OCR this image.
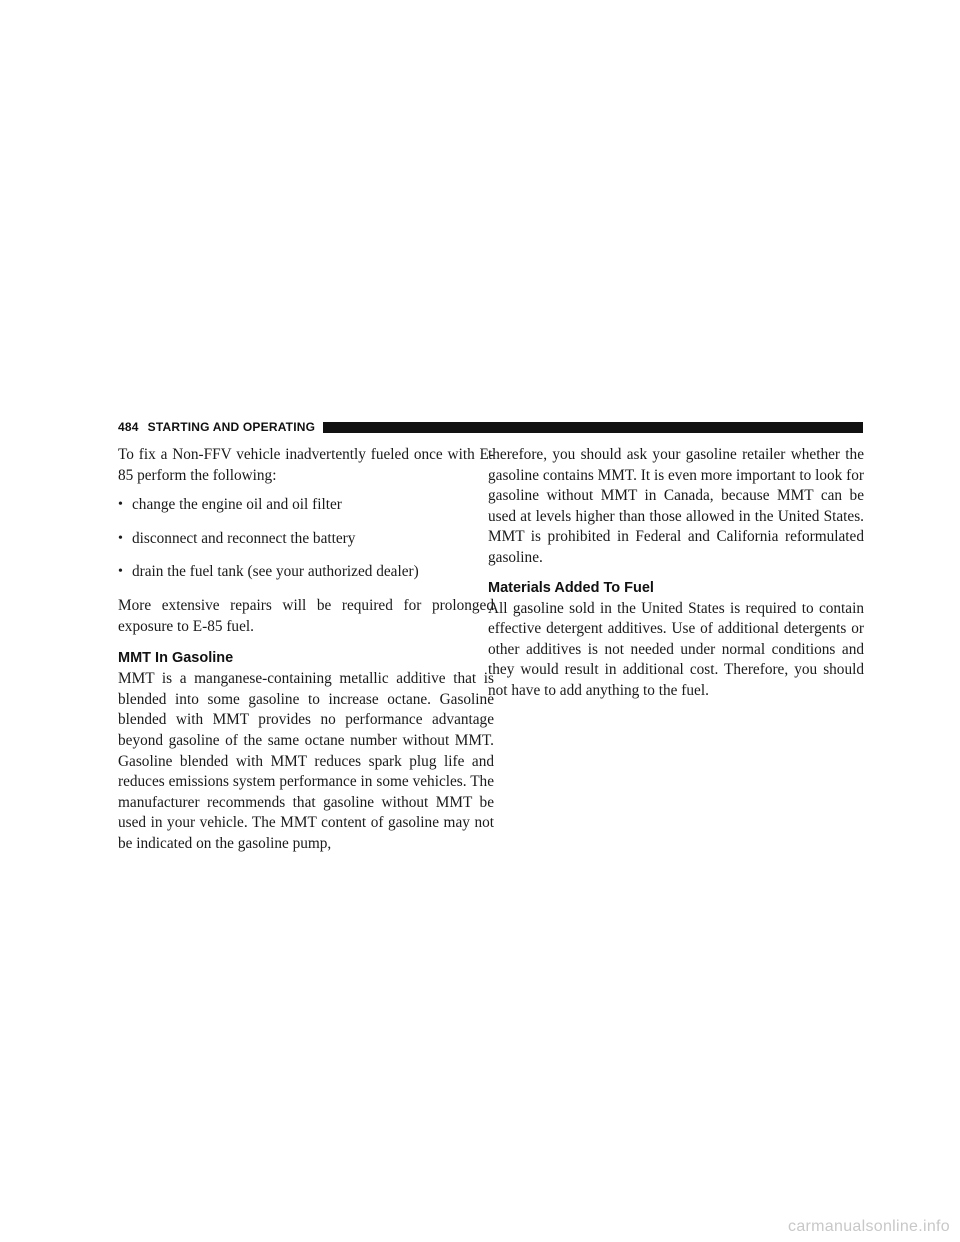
484 STARTING AND OPERATING

To fix a Non-FFV vehicle inadvertently fueled once with E-85 perform the following:

• change the engine oil and oil filter
• disconnect and reconnect the battery
• drain the fuel tank (see your authorized dealer)

More extensive repairs will be required for prolonged exposure to E-85 fuel.

MMT In Gasoline

MMT is a manganese-containing metallic additive that is blended into some gasoline to increase octane. Gasoline blended with MMT provides no performance advantage beyond gasoline of the same octane number without MMT. Gasoline blended with MMT reduces spark plug life and reduces emissions system performance in some vehicles. The manufacturer recommends that gasoline without MMT be used in your vehicle. The MMT content of gasoline may not be indicated on the gasoline pump,

therefore, you should ask your gasoline retailer whether the gasoline contains MMT. It is even more important to look for gasoline without MMT in Canada, because MMT can be used at levels higher than those allowed in the United States. MMT is prohibited in Federal and California reformulated gasoline.

Materials Added To Fuel

All gasoline sold in the United States is required to contain effective detergent additives. Use of additional detergents or other additives is not needed under normal conditions and they would result in additional cost. Therefore, you should not have to add anything to the fuel.

carmanualsonline.info
